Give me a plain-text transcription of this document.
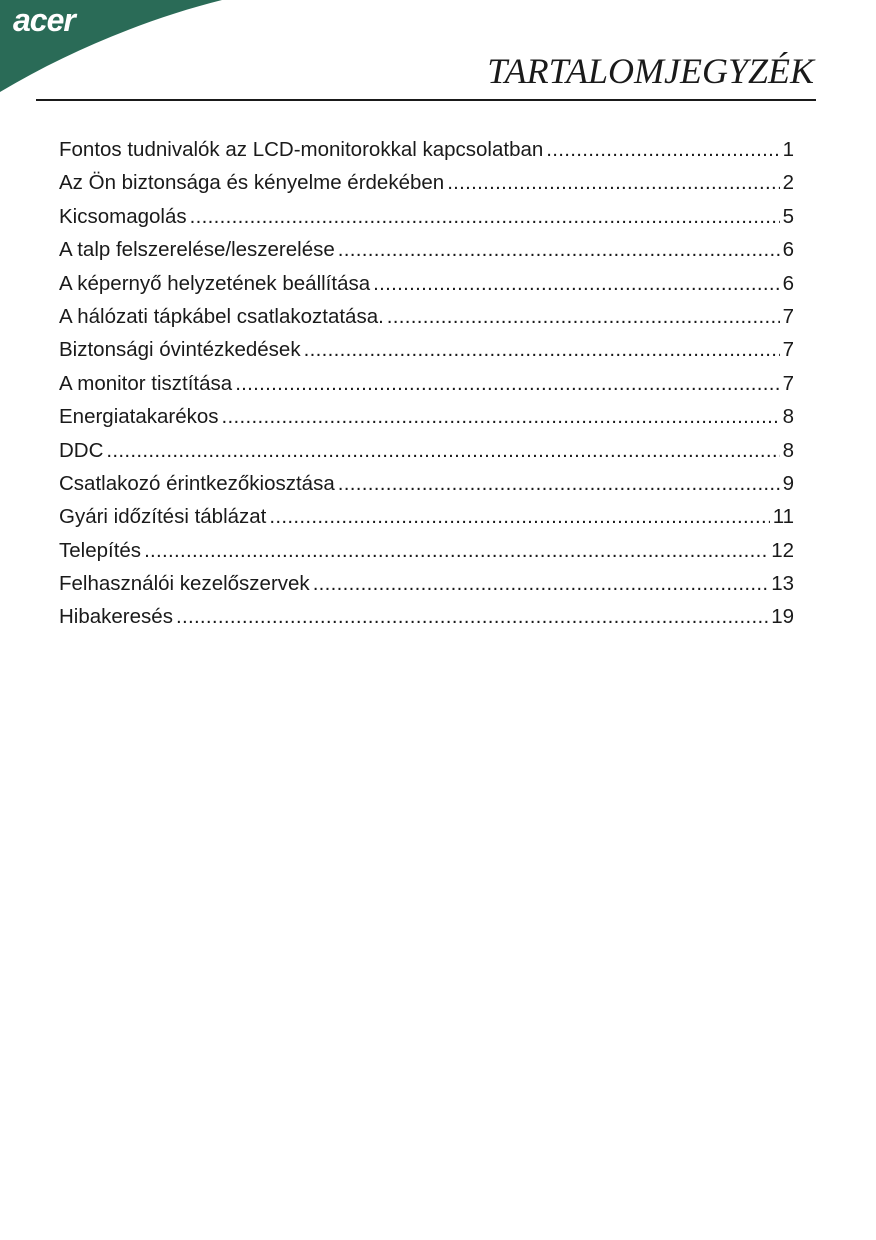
acer
TARTALOMJEGYZÉK
Fontos tudnivalók az LCD-monitorokkal kapcsolatban .....	1
Az Ön biztonsága és kényelme érdekében .....	2
Kicsomagolás .....	5
A talp felszerelése/leszerelése .....	6
A képernyő helyzetének beállítása .....	6
A hálózati tápkábel csatlakoztatása. .....	7
Biztonsági óvintézkedések .....	7
A monitor tisztítása .....	7
Energiatakarékos .....	8
DDC .....	8
Csatlakozó érintkezőkiosztása .....	9
Gyári időzítési táblázat .....	11
Telepítés .....	12
Felhasználói kezelőszervek .....	13
Hibakeresés .....	19
